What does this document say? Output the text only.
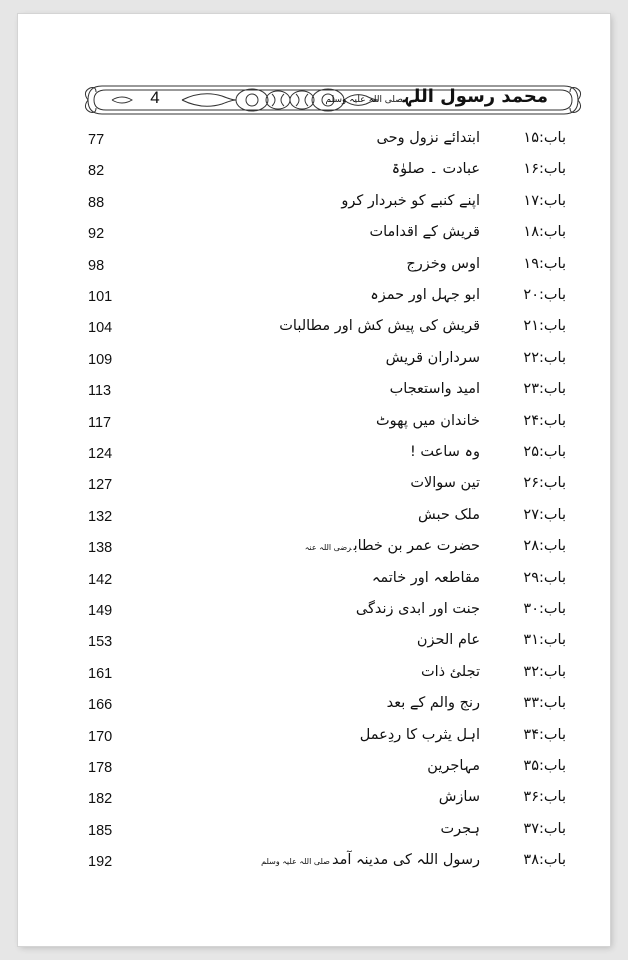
4	محمد رسول اللہصلی اللہ علیہ وسلم
77	ابتدائے نزول وحی	باب:۱۵
82	عبادت ۔ صلوٰۃ	باب:۱۶
88	اپنے کنبے کو خبردار کرو	باب:۱۷
92	قریش کے اقدامات	باب:۱۸
98	اوس وخزرج	باب:۱۹
101	ابو جہل اور حمزہ	باب:۲۰
104	قریش کی پیش کش اور مطالبات	باب:۲۱
109	سرداران قریش	باب:۲۲
113	امید واستعجاب	باب:۲۳
117	خاندان میں پھوٹ	باب:۲۴
124	وہ ساعت !	باب:۲۵
127	تین سوالات	باب:۲۶
132	ملک حبش	باب:۲۷
138	حضرت عمر بن خطابرضی اللہ عنہ	باب:۲۸
142	مقاطعہ اور خاتمہ	باب:۲۹
149	جنت اور ابدی زندگی	باب:۳۰
153	عام الحزن	باب:۳۱
161	تجلئ ذات	باب:۳۲
166	رنج والم کے بعد	باب:۳۳
170	اہل یثرب کا ردِعمل	باب:۳۴
178	مہاجرین	باب:۳۵
182	سازش	باب:۳۶
185	ہجرت	باب:۳۷
192	رسول اللہ کی مدینہ آمدصلی اللہ علیہ وسلم	باب:۳۸
